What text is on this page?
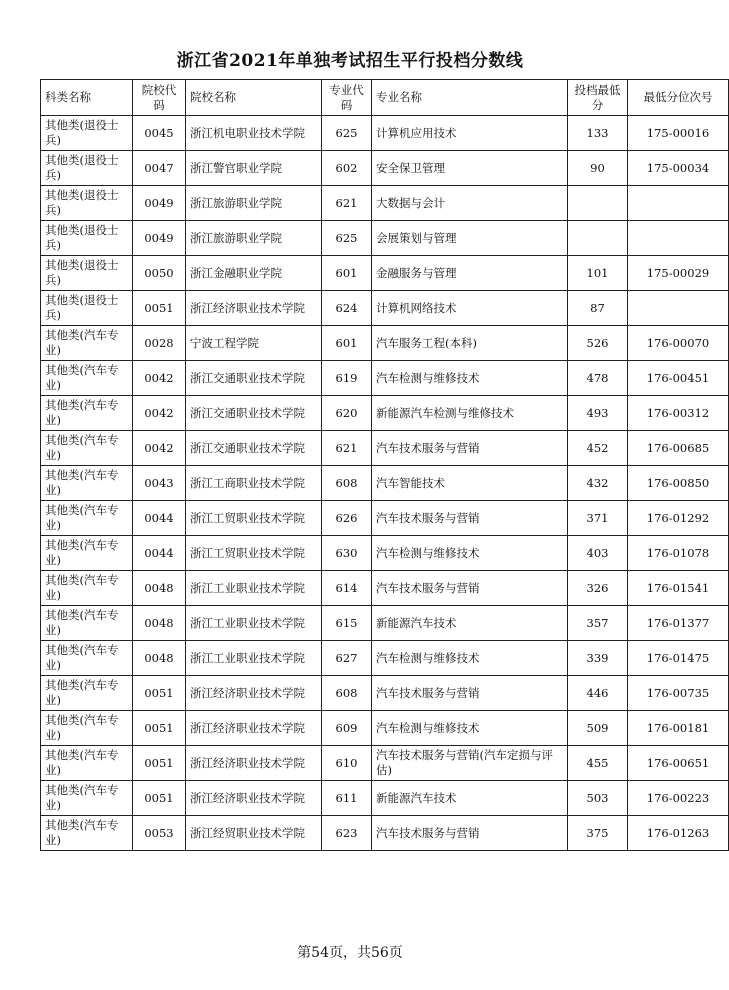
浙江省2021年单独考试招生平行投档分数线
科类名称	院校代码	院校名称	专业代码	专业名称	投档最低分	最低分位次号
其他类(退役士兵)	0045	浙江机电职业技术学院	625	计算机应用技术	133	175-00016
其他类(退役士兵)	0047	浙江警官职业学院	602	安全保卫管理	90	175-00034
其他类(退役士兵)	0049	浙江旅游职业学院	621	大数据与会计		
其他类(退役士兵)	0049	浙江旅游职业学院	625	会展策划与管理		
其他类(退役士兵)	0050	浙江金融职业学院	601	金融服务与管理	101	175-00029
其他类(退役士兵)	0051	浙江经济职业技术学院	624	计算机网络技术	87	
其他类(汽车专业)	0028	宁波工程学院	601	汽车服务工程(本科)	526	176-00070
其他类(汽车专业)	0042	浙江交通职业技术学院	619	汽车检测与维修技术	478	176-00451
其他类(汽车专业)	0042	浙江交通职业技术学院	620	新能源汽车检测与维修技术	493	176-00312
其他类(汽车专业)	0042	浙江交通职业技术学院	621	汽车技术服务与营销	452	176-00685
其他类(汽车专业)	0043	浙江工商职业技术学院	608	汽车智能技术	432	176-00850
其他类(汽车专业)	0044	浙江工贸职业技术学院	626	汽车技术服务与营销	371	176-01292
其他类(汽车专业)	0044	浙江工贸职业技术学院	630	汽车检测与维修技术	403	176-01078
其他类(汽车专业)	0048	浙江工业职业技术学院	614	汽车技术服务与营销	326	176-01541
其他类(汽车专业)	0048	浙江工业职业技术学院	615	新能源汽车技术	357	176-01377
其他类(汽车专业)	0048	浙江工业职业技术学院	627	汽车检测与维修技术	339	176-01475
其他类(汽车专业)	0051	浙江经济职业技术学院	608	汽车技术服务与营销	446	176-00735
其他类(汽车专业)	0051	浙江经济职业技术学院	609	汽车检测与维修技术	509	176-00181
其他类(汽车专业)	0051	浙江经济职业技术学院	610	汽车技术服务与营销(汽车定损与评估)	455	176-00651
其他类(汽车专业)	0051	浙江经济职业技术学院	611	新能源汽车技术	503	176-00223
其他类(汽车专业)	0053	浙江经贸职业技术学院	623	汽车技术服务与营销	375	176-01263
第54页，共56页
